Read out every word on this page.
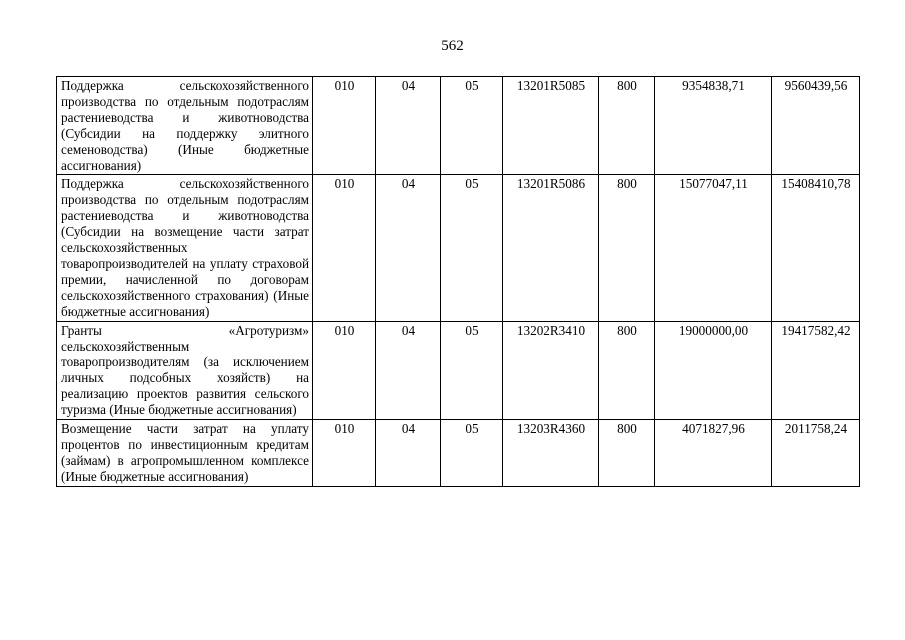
562
Поддержка сельскохозяйственного производства по отдельным подотраслям растениеводства и животноводства (Субсидии на поддержку элитного семеноводства) (Иные бюджетные ассигнования)	010	04	05	13201R5085	800	9354838,71	9560439,56
Поддержка сельскохозяйственного производства по отдельным подотраслям растениеводства и животноводства (Субсидии на возмещение части затрат сельскохозяйственных товаропроизводителей на уплату страховой премии, начисленной по договорам сельскохозяйственного страхования) (Иные бюджетные ассигнования)	010	04	05	13201R5086	800	15077047,11	15408410,78
Гранты «Агротуризм» сельскохозяйственным товаропроизводителям (за исключением личных подсобных хозяйств) на реализацию проектов развития сельского туризма (Иные бюджетные ассигнования)	010	04	05	13202R3410	800	19000000,00	19417582,42
Возмещение части затрат на уплату процентов по инвестиционным кредитам (займам) в агропромышленном комплексе (Иные бюджетные ассигнования)	010	04	05	13203R4360	800	4071827,96	2011758,24
